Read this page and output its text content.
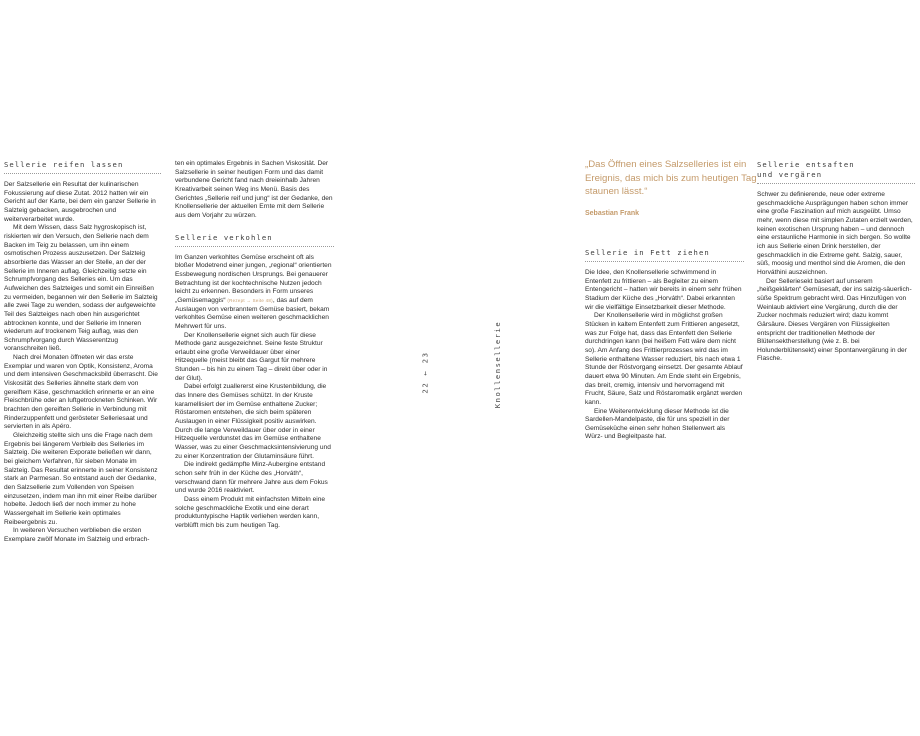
22 ← 23	Knollensellerie
Sellerie reifen lassen

Der Salzsellerie ein Resultat der kulinarischen Fokussierung auf diese Zutat. 2012 hatten wir ein Gericht auf der Karte, bei dem ein ganzer Sellerie in Salzteig gebacken, ausgebrochen und weiterverarbeitet wurde.

Mit dem Wissen, dass Salz hygroskopisch ist, riskierten wir den Versuch, den Sellerie nach dem Backen im Teig zu belassen, um ihn einem osmotischen Prozess auszusetzen. Der Salzteig absorbierte das Wasser an der Stelle, an der der Sellerie im Inneren auflag. Gleichzeitig setzte ein Schrumpfvorgang des Selleries ein. Um das Aufweichen des Salzteiges und somit ein Einreißen zu vermeiden, begannen wir den Sellerie im Salzteig alle zwei Tage zu wenden, sodass der aufgeweichte Teil des Salzteiges nach oben hin ausgerichtet abtrocknen konnte, und der Sellerie im Inneren wiederum auf trockenem Teig auflag, was den Schrumpfvorgang durch Wasserentzug voranschreiten ließ.

Nach drei Monaten öffneten wir das erste Exemplar und waren von Optik, Konsistenz, Aroma und dem intensiven Geschmacksbild überrascht. Die Viskosität des Selleries ähnelte stark dem von gereiftem Käse, geschmacklich erinnerte er an eine Fleischbrühe oder an luftgetrockneten Schinken. Wir brachten den gereiften Sellerie in Verbindung mit Rinderzuppenfett und gerösteter Selleriesaat und servierten in als Apéro.

Gleichzeitig stellte sich uns die Frage nach dem Ergebnis bei längerem Verbleib des Selleries im Salzteig. Die weiteren Exporate beließen wir dann, bei gleichem Verfahren, für sieben Monate im Salzteig. Das Resultat erinnerte in seiner Konsistenz stark an Parmesan. So entstand auch der Gedanke, den Salzsellerie zum Vollenden von Speisen einzusetzen, indem man ihn mit einer Reibe darüber hobelte. Jedoch ließ der noch immer zu hohe Wassergehalt im Sellerie kein optimales Reibeergebnis zu.

In weiteren Versuchen verblieben die ersten Exemplare zwölf Monate im Salzteig und erbrach-

ten ein optimales Ergebnis in Sachen Viskosität. Der Salzsellerie in seiner heutigen Form und das damit verbundene Gericht fand nach dreieinhalb Jahren Kreativarbeit seinen Weg ins Menü. Basis des Gerichtes „Sellerie reif und jung“ ist der Gedanke, den Knollensellerie der aktuellen Ernte mit dem Sellerie aus dem Vorjahr zu würzen.

Sellerie verkohlen

Im Ganzen verkohltes Gemüse erscheint oft als bloßer Modetrend einer jungen, „regional“ orientierten Essbewegung nordischen Ursprungs. Bei genauerer Betrachtung ist der kochtechnische Nutzen jedoch leicht zu erkennen. Besonders in Form unseres „Gemüsemaggis“ (Rezept → Seite 48), das auf dem Auslaugen von verbranntem Gemüse basiert, bekam verkohltes Gemüse einen weiteren geschmacklichen Mehrwert für uns.

Der Knollensellerie eignet sich auch für diese Methode ganz ausgezeichnet. Seine feste Struktur erlaubt eine große Verweildauer über einer Hitzequelle (meist bleibt das Gargut für mehrere Stunden – bis hin zu einem Tag – direkt über oder in der Glut).

Dabei erfolgt zuallererst eine Krustenbildung, die das Innere des Gemüses schützt. In der Kruste karamellisiert der im Gemüse enthaltene Zucker; Röstaromen entstehen, die sich beim späteren Auslaugen in einer Flüssigkeit positiv auswirken. Durch die lange Verweildauer über oder in einer Hitzequelle verdunstet das im Gemüse enthaltene Wasser, was zu einer Geschmacksintensivierung und zu einer Konzentration der Glutaminsäure führt.

Die indirekt gedämpfte Minz-Aubergine entstand schon sehr früh in der Küche des „Horváth“, verschwand dann für mehrere Jahre aus dem Fokus und wurde 2016 reaktiviert.

Dass einem Produkt mit einfachsten Mitteln eine solche geschmackliche Exotik und eine derart produktuntypische Haptik verliehen werden kann, verblüfft mich bis zum heutigen Tag.

„Das Öffnen eines Salzselleries ist ein Ereignis, das mich bis zum heutigen Tag staunen lässt.“
Sebastian Frank
Sellerie in Fett ziehen

Die Idee, den Knollensellerie schwimmend in Entenfett zu frittieren – als Begleiter zu einem Entengericht – hatten wir bereits in einem sehr frühen Stadium der Küche des „Horváth“. Dabei erkannten wir die vielfältige Einsetzbarkeit dieser Methode.

Der Knollensellerie wird in möglichst großen Stücken in kaltem Entenfett zum Frittieren angesetzt, was zur Folge hat, dass das Entenfett den Sellerie durchdringen kann (bei heißem Fett wäre dem nicht so). Am Anfang des Frittierprozesses wird das im Sellerie enthaltene Wasser reduziert, bis nach etwa 1 Stunde der Röstvorgang einsetzt. Der gesamte Ablauf dauert etwa 90 Minuten. Am Ende steht ein Ergebnis, das breit, cremig, intensiv und hervorragend mit Frucht, Säure, Salz und Röstaromatik ergänzt werden kann.

Eine Weiterentwicklung dieser Methode ist die Sardellen-Mandelpaste, die für uns speziell in der Gemüseküche einen sehr hohen Stellenwert als Würz- und Begleitpaste hat.

Sellerie entsaften
und vergären

Schwer zu definierende, neue oder extreme geschmackliche Ausprägungen haben schon immer eine große Faszination auf mich ausgeübt. Umso mehr, wenn diese mit simplen Zutaten erzielt werden, keinen exotischen Ursprung haben – und dennoch eine erstaunliche Harmonie in sich bergen. So wollte ich aus Sellerie einen Drink herstellen, der geschmacklich in die Extreme geht. Salzig, sauer, süß, moosig und menthol sind die Aromen, die den Horváthini auszeichnen.

Der Selleriesekt basiert auf unserem „heißgeklärten“ Gemüsesaft, der ins salzig-säuerlich-süße Spektrum gebracht wird. Das Hinzufügen von Weinlaub aktiviert eine Vergärung, durch die der Zucker nochmals reduziert wird; dazu kommt Gärsäure. Dieses Vergären von Flüssigkeiten entspricht der traditionellen Methode der Blütensektherstellung (wie z. B. bei Holunderblütensekt) einer Spontanvergärung in der Flasche.
